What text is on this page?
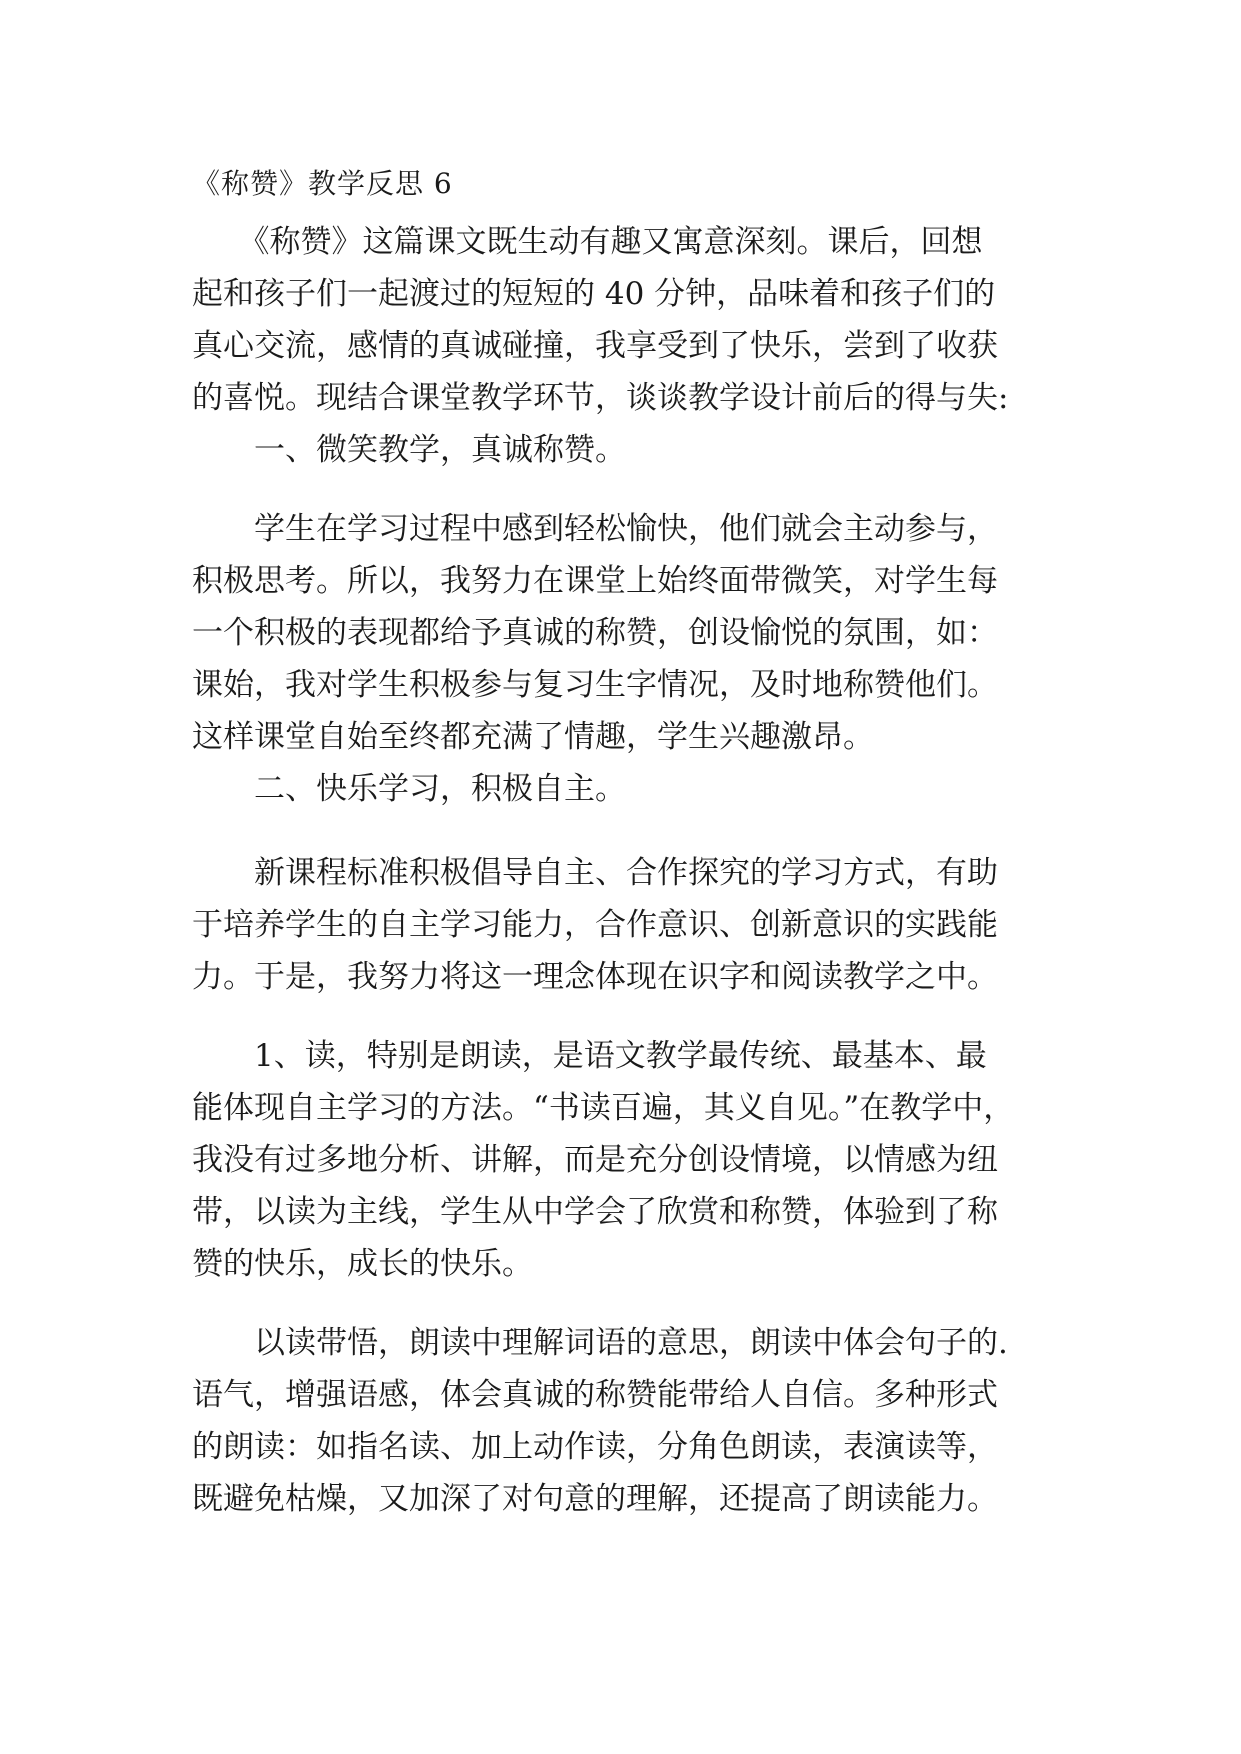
《称赞》教学反思 6
　　《称赞》这篇课文既生动有趣又寓意深刻。课后，回想
起和孩子们一起渡过的短短的 40 分钟，品味着和孩子们的
真心交流，感情的真诚碰撞，我享受到了快乐，尝到了收获
的喜悦。现结合课堂教学环节，谈谈教学设计前后的得与失:
　　一、微笑教学，真诚称赞。
　　学生在学习过程中感到轻松愉快，他们就会主动参与，
积极思考。所以，我努力在课堂上始终面带微笑，对学生每
一个积极的表现都给予真诚的称赞，创设愉悦的氛围，如：
课始，我对学生积极参与复习生字情况，及时地称赞他们。
这样课堂自始至终都充满了情趣，学生兴趣激昂。
　　二、快乐学习，积极自主。
　　新课程标准积极倡导自主、合作探究的学习方式，有助
于培养学生的自主学习能力，合作意识、创新意识的实践能
力。于是，我努力将这一理念体现在识字和阅读教学之中。
　　1、读，特别是朗读，是语文教学最传统、最基本、最
能体现自主学习的方法。“书读百遍，其义自见。”在教学中，
我没有过多地分析、讲解，而是充分创设情境，以情感为纽
带，以读为主线，学生从中学会了欣赏和称赞，体验到了称
赞的快乐，成长的快乐。
　　以读带悟，朗读中理解词语的意思，朗读中体会句子的.
语气，增强语感，体会真诚的称赞能带给人自信。多种形式
的朗读：如指名读、加上动作读，分角色朗读，表演读等，
既避免枯燥，又加深了对句意的理解，还提高了朗读能力。
